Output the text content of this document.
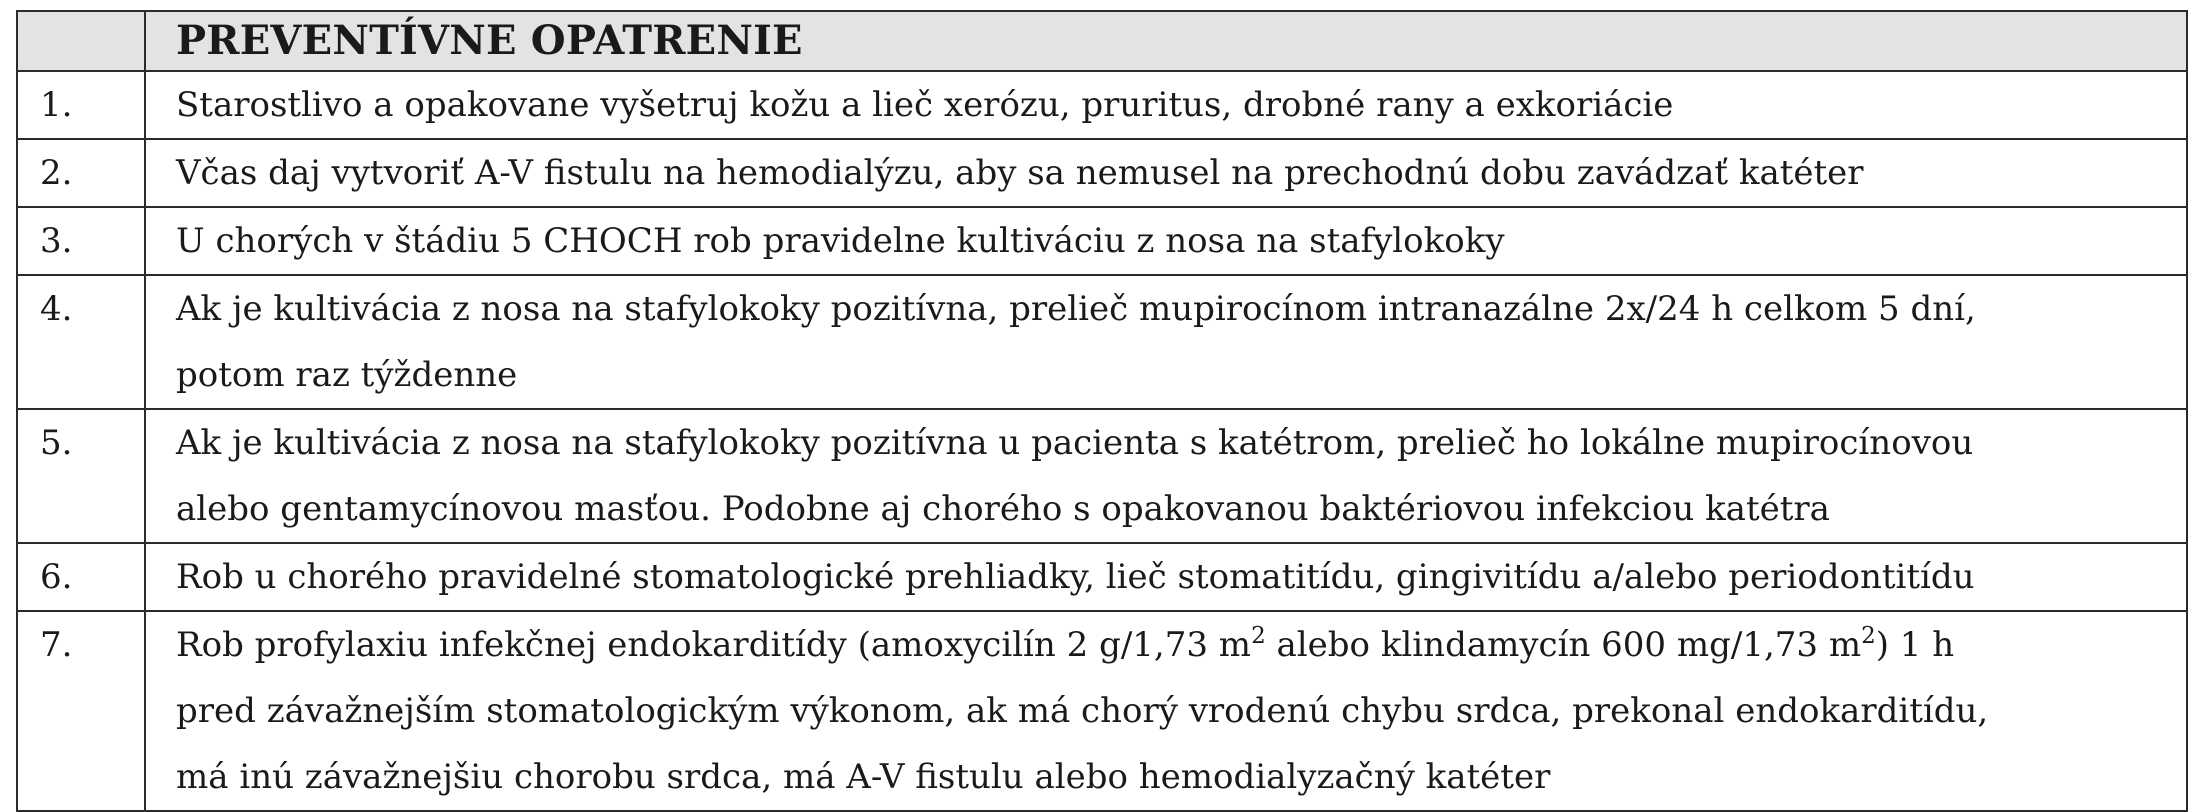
	PREVENTÍVNE OPATRENIE
1.	Starostlivo a opakovane vyšetruj kožu a lieč xerózu, pruritus, drobné rany a exkoriácie

2.	Včas daj vytvoriť A-V fistulu na hemodialýzu, aby sa nemusel na prechodnú dobu zavádzať katéter

3.	U chorých v štádiu 5 CHOCH rob pravidelne kultiváciu z nosa na stafylokoky

4.	Ak je kultivácia z nosa na stafylokoky pozitívna, prelieč mupirocínom intranazálne 2x/24 h celkom 5 dní,
potom raz týždenne

5.	Ak je kultivácia z nosa na stafylokoky pozitívna u pacienta s katétrom, prelieč ho lokálne mupirocínovou
alebo gentamycínovou masťou. Podobne aj chorého s opakovanou baktériovou infekciou katétra

6.	Rob u chorého pravidelné stomatologické prehliadky, lieč stomatitídu, gingivitídu a/alebo periodontitídu

7.	Rob profylaxiu infekčnej endokarditídy (amoxycilín 2 g/1,73 $m^2$ alebo klindamycín 600 mg/1,73 $m^2$) 1 h
pred závažnejším stomatologickým výkonom, ak má chorý vrodenú chybu srdca, prekonal endokarditídu,
má inú závažnejšiu chorobu srdca, má A-V fistulu alebo hemodialyzačný katéter
